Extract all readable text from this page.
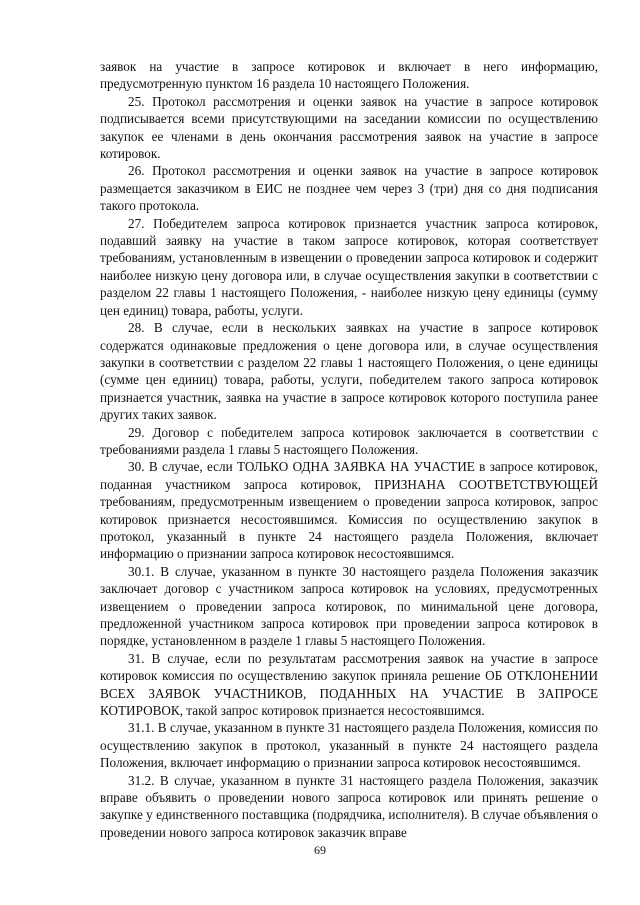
заявок на участие в запросе котировок и включает в него информацию, предусмотренную пунктом 16 раздела 10 настоящего Положения.

25. Протокол рассмотрения и оценки заявок на участие в запросе котировок подписывается всеми присутствующими на заседании комиссии по осуществлению закупок ее членами в день окончания рассмотрения заявок на участие в запросе котировок.

26. Протокол рассмотрения и оценки заявок на участие в запросе котировок размещается заказчиком в ЕИС не позднее чем через 3 (три) дня со дня подписания такого протокола.

27. Победителем запроса котировок признается участник запроса котировок, подавший заявку на участие в таком запросе котировок, которая соответствует требованиям, установленным в извещении о проведении запроса котировок и содержит наиболее низкую цену договора или, в случае осуществления закупки в соответствии с разделом 22 главы 1 настоящего Положения, - наиболее низкую цену единицы (сумму цен единиц) товара, работы, услуги.

28. В случае, если в нескольких заявках на участие в запросе котировок содержатся одинаковые предложения о цене договора или, в случае осуществления закупки в соответствии с разделом 22 главы 1 настоящего Положения, о цене единицы (сумме цен единиц) товара, работы, услуги, победителем такого запроса котировок признается участник, заявка на участие в запросе котировок которого поступила ранее других таких заявок.

29. Договор с победителем запроса котировок заключается в соответствии с требованиями раздела 1 главы 5 настоящего Положения.

30. В случае, если ТОЛЬКО ОДНА ЗАЯВКА НА УЧАСТИЕ в запросе котировок, поданная участником запроса котировок, ПРИЗНАНА СООТВЕТСТВУЮЩЕЙ требованиям, предусмотренным извещением о проведении запроса котировок, запрос котировок признается несостоявшимся. Комиссия по осуществлению закупок в протокол, указанный в пункте 24 настоящего раздела Положения, включает информацию о признании запроса котировок несостоявшимся.

30.1. В случае, указанном в пункте 30 настоящего раздела Положения заказчик заключает договор с участником запроса котировок на условиях, предусмотренных извещением о проведении запроса котировок, по минимальной цене договора, предложенной участником запроса котировок при проведении запроса котировок в порядке, установленном в разделе 1 главы 5 настоящего Положения.

31. В случае, если по результатам рассмотрения заявок на участие в запросе котировок комиссия по осуществлению закупок приняла решение ОБ ОТКЛОНЕНИИ ВСЕХ ЗАЯВОК УЧАСТНИКОВ, ПОДАННЫХ НА УЧАСТИЕ В ЗАПРОСЕ КОТИРОВОК, такой запрос котировок признается несостоявшимся.

31.1. В случае, указанном в пункте 31 настоящего раздела Положения, комиссия по осуществлению закупок в протокол, указанный в пункте 24 настоящего раздела Положения, включает информацию о признании запроса котировок несостоявшимся.

31.2. В случае, указанном в пункте 31 настоящего раздела Положения, заказчик вправе объявить о проведении нового запроса котировок или принять решение о закупке у единственного поставщика (подрядчика, исполнителя). В случае объявления о проведении нового запроса котировок заказчик вправе

69
